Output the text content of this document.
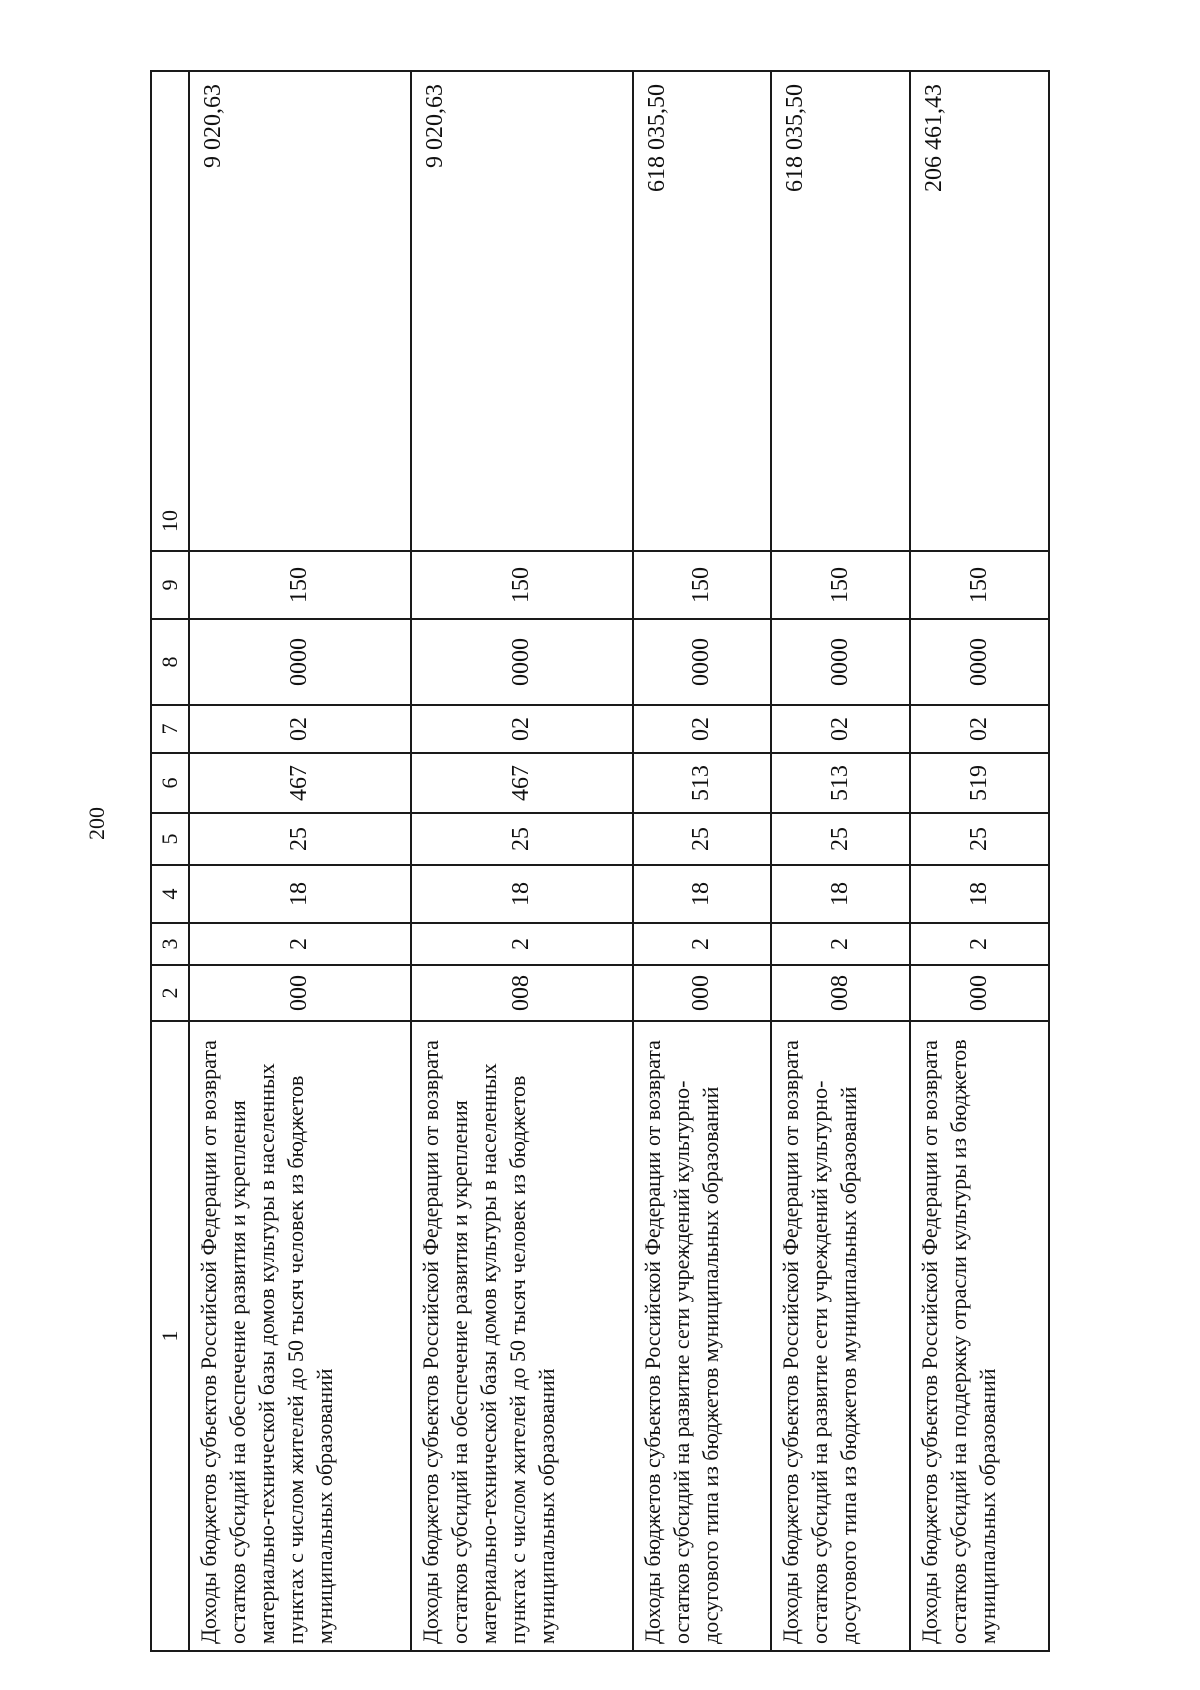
200
1	2	3	4	5	6	7	8	9	10
Доходы бюджетов субъектов Российской Федерации от возврата остатков субсидий на обеспечение развития и укрепления материально-технической базы домов культуры в населенных пунктах с числом жителей до 50 тысяч человек из бюджетов муниципальных образований	000	2	18	25	467	02	0000	150	9 020,63
Доходы бюджетов субъектов Российской Федерации от возврата остатков субсидий на обеспечение развития и укрепления материально-технической базы домов культуры в населенных пунктах с числом жителей до 50 тысяч человек из бюджетов муниципальных образований	008	2	18	25	467	02	0000	150	9 020,63
Доходы бюджетов субъектов Российской Федерации от возврата остатков субсидий на развитие сети учреждений культурно-досугового типа из бюджетов муниципальных образований	000	2	18	25	513	02	0000	150	618 035,50
Доходы бюджетов субъектов Российской Федерации от возврата остатков субсидий на развитие сети учреждений культурно-досугового типа из бюджетов муниципальных образований	008	2	18	25	513	02	0000	150	618 035,50
Доходы бюджетов субъектов Российской Федерации от возврата остатков субсидий на поддержку отрасли культуры из бюджетов муниципальных образований	000	2	18	25	519	02	0000	150	206 461,43
